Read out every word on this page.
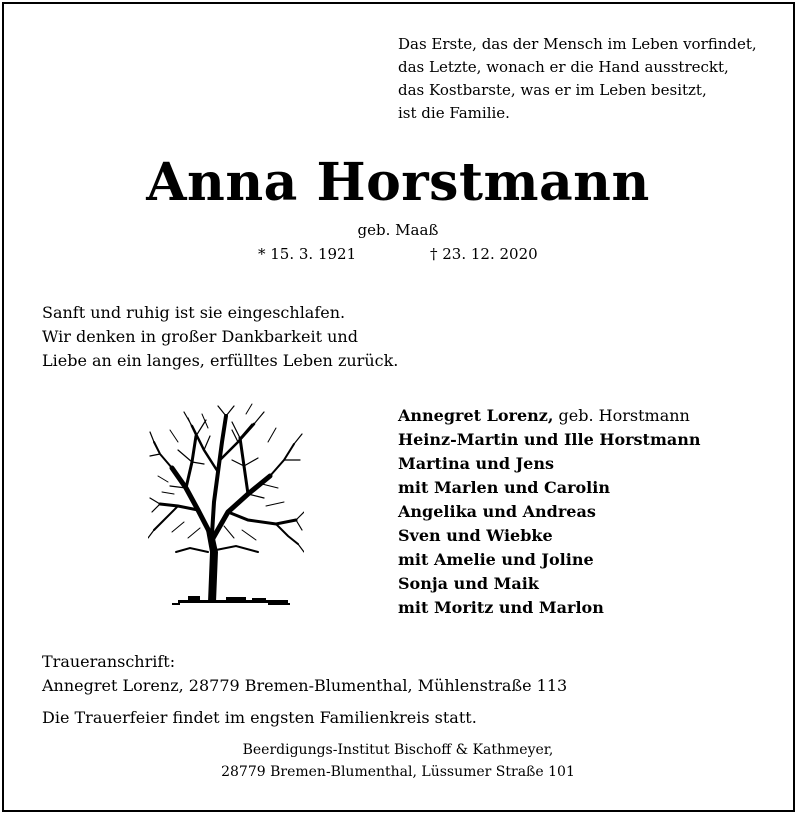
Das Erste, das der Mensch im Leben vorfindet,
das Letzte, wonach er die Hand ausstreckt,
das Kostbarste, was er im Leben besitzt,
ist die Familie.
Anna Horstmann
geb. Maaß
* 15. 3. 1921	† 23. 12. 2020
Sanft und ruhig ist sie eingeschlafen.
Wir denken in großer Dankbarkeit und
Liebe an ein langes, erfülltes Leben zurück.
Annegret Lorenz, geb. Horstmann
Heinz-Martin und Ille Horstmann
Martina und Jens
mit Marlen und Carolin
Angelika und Andreas
Sven und Wiebke
mit Amelie und Joline
Sonja und Maik
mit Moritz und Marlon
Traueranschrift:
Annegret Lorenz, 28779 Bremen-Blumenthal, Mühlenstraße 113
Die Trauerfeier findet im engsten Familienkreis statt.
Beerdigungs-Institut Bischoff & Kathmeyer,
28779 Bremen-Blumenthal, Lüssumer Straße 101
